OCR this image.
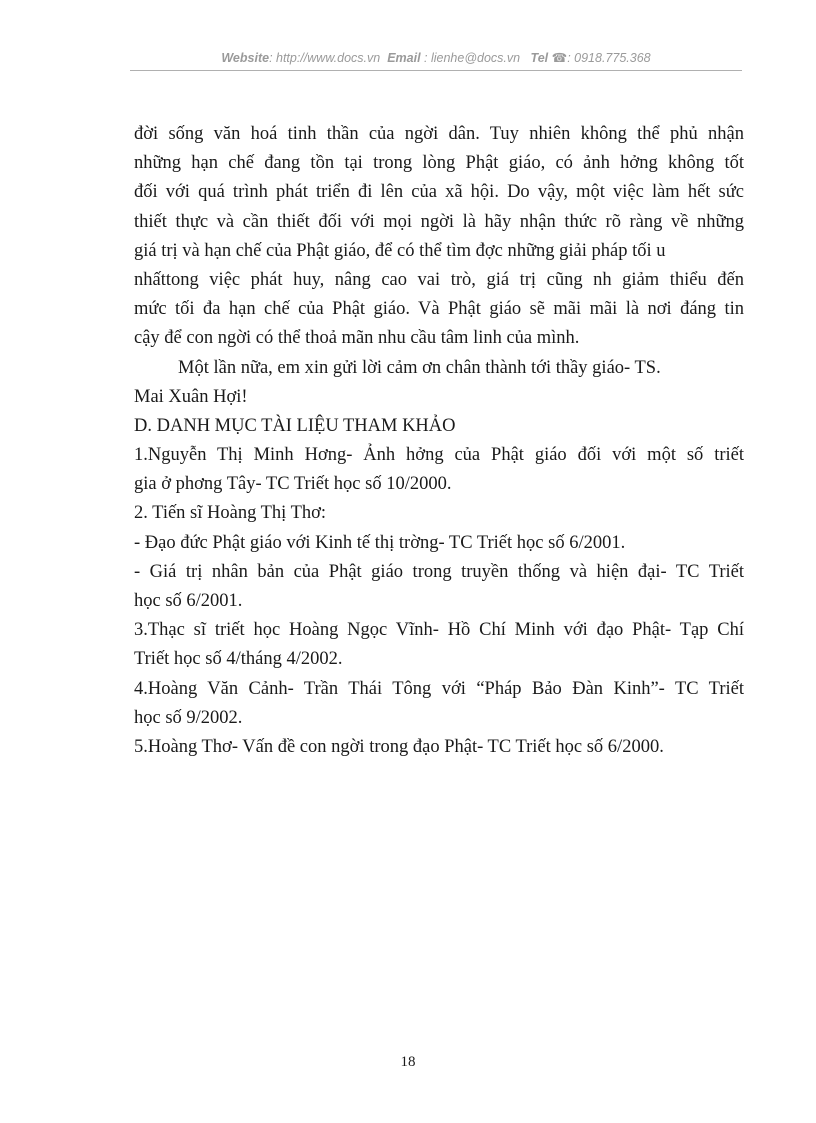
Website: http://www.docs.vn Email : lienhe@docs.vn Tel ☎: 0918.775.368
đời sống văn hoá tinh thần của ngời dân. Tuy nhiên không thể phủ nhận
những hạn chế đang tồn tại trong lòng Phật giáo, có ảnh hởng không tốt
đối với quá trình phát triển đi lên của xã hội. Do vậy, một việc làm hết sức
thiết thực và cần thiết đối với mọi ngời là hãy nhận thức rõ ràng về những
giá trị và hạn chế của Phật giáo, để có thể tìm đợc những giải pháp tối u
nhấttong việc phát huy, nâng cao vai trò, giá trị cũng nh giảm thiểu đến
mức tối đa hạn chế của Phật giáo. Và Phật giáo sẽ mãi mãi là nơi đáng tin
cậy để con ngời có thể thoả mãn nhu cầu tâm linh của mình.
Một lần nữa, em xin gửi lời cảm ơn chân thành tới thầy giáo- TS.
Mai Xuân Hợi!
D. DANH MỤC TÀI LIỆU THAM KHẢO
1.Nguyễn Thị Minh Hơng- Ảnh hởng của Phật giáo đối với một số triết
gia ở phơng Tây- TC Triết học số 10/2000.
2. Tiến sĩ Hoàng Thị Thơ:
- Đạo đức Phật giáo với Kinh tế thị trờng- TC Triết học số 6/2001.
- Giá trị nhân bản của Phật giáo trong truyền thống và hiện đại- TC Triết
học số 6/2001.
3.Thạc sĩ triết học Hoàng Ngọc Vĩnh- Hồ Chí Minh với đạo Phật- Tạp Chí
Triết học số 4/tháng 4/2002.
4.Hoàng Văn Cảnh- Trần Thái Tông với “Pháp Bảo Đàn Kinh”- TC Triết
học số 9/2002.
5.Hoàng Thơ- Vấn đề con ngời trong đạo Phật- TC Triết học số 6/2000.
18
